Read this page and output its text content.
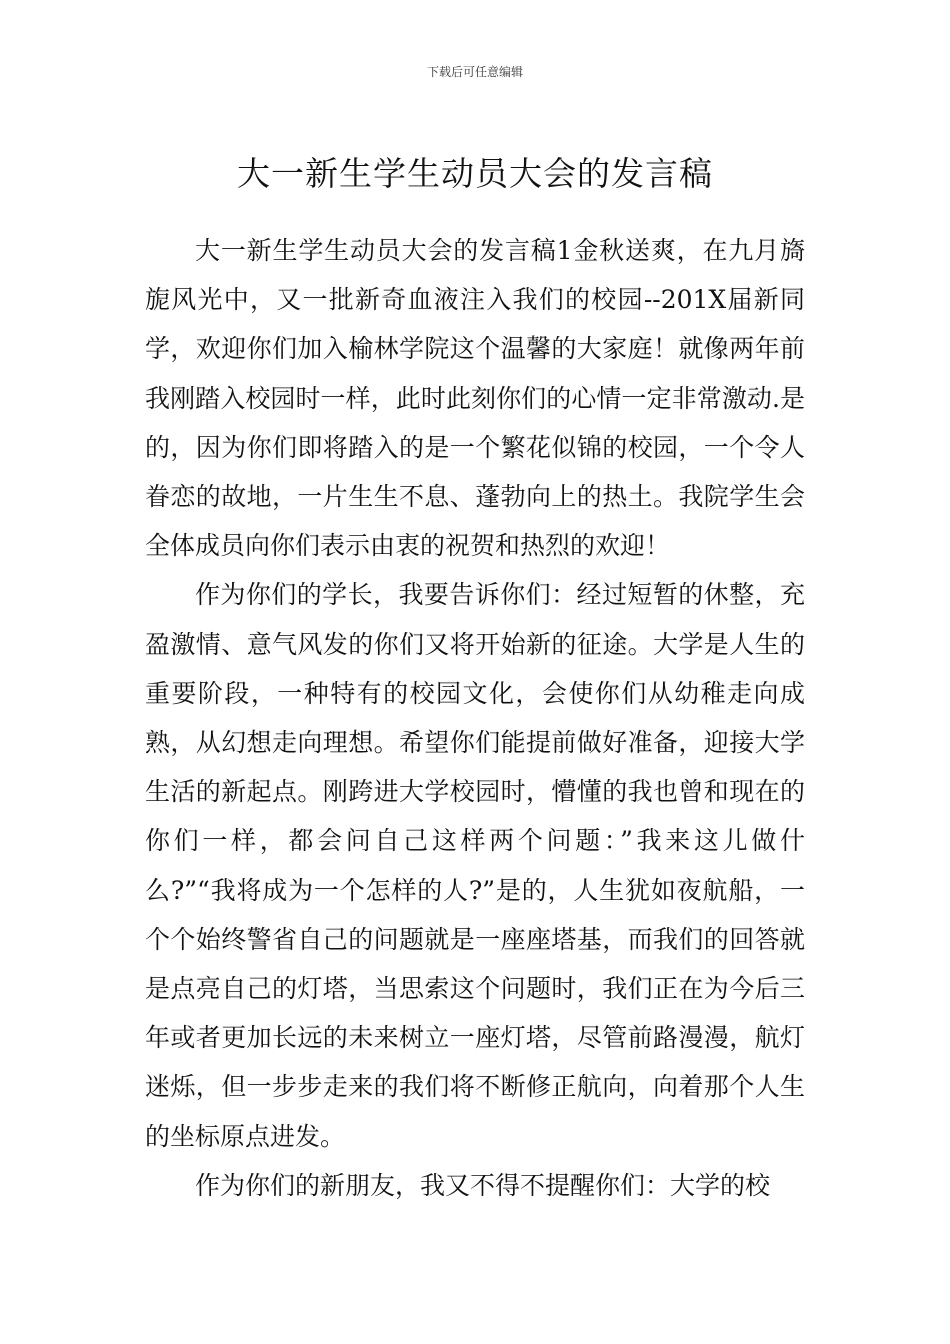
下载后可任意编辑
大一新生学生动员大会的发言稿

大一新生学生动员大会的发言稿1金秋送爽，在九月旖旎风光中，又一批新奇血液注入我们的校园--201X届新同学，欢迎你们加入榆林学院这个温馨的大家庭！就像两年前我刚踏入校园时一样，此时此刻你们的心情一定非常激动.是的，因为你们即将踏入的是一个繁花似锦的校园，一个令人眷恋的故地，一片生生不息、蓬勃向上的热土。我院学生会全体成员向你们表示由衷的祝贺和热烈的欢迎！

作为你们的学长，我要告诉你们：经过短暂的休整，充盈激情、意气风发的你们又将开始新的征途。大学是人生的重要阶段，一种特有的校园文化，会使你们从幼稚走向成熟，从幻想走向理想。希望你们能提前做好准备，迎接大学生活的新起点。刚跨进大学校园时，懵懂的我也曾和现在的你们一样，都会问自己这样两个问题：”我来这儿做什么?”“我将成为一个怎样的人?”是的，人生犹如夜航船，一个个始终警省自己的问题就是一座座塔基，而我们的回答就是点亮自己的灯塔，当思索这个问题时，我们正在为今后三年或者更加长远的未来树立一座灯塔，尽管前路漫漫，航灯迷烁，但一步步走来的我们将不断修正航向，向着那个人生的坐标原点进发。

作为你们的新朋友，我又不得不提醒你们：大学的校
